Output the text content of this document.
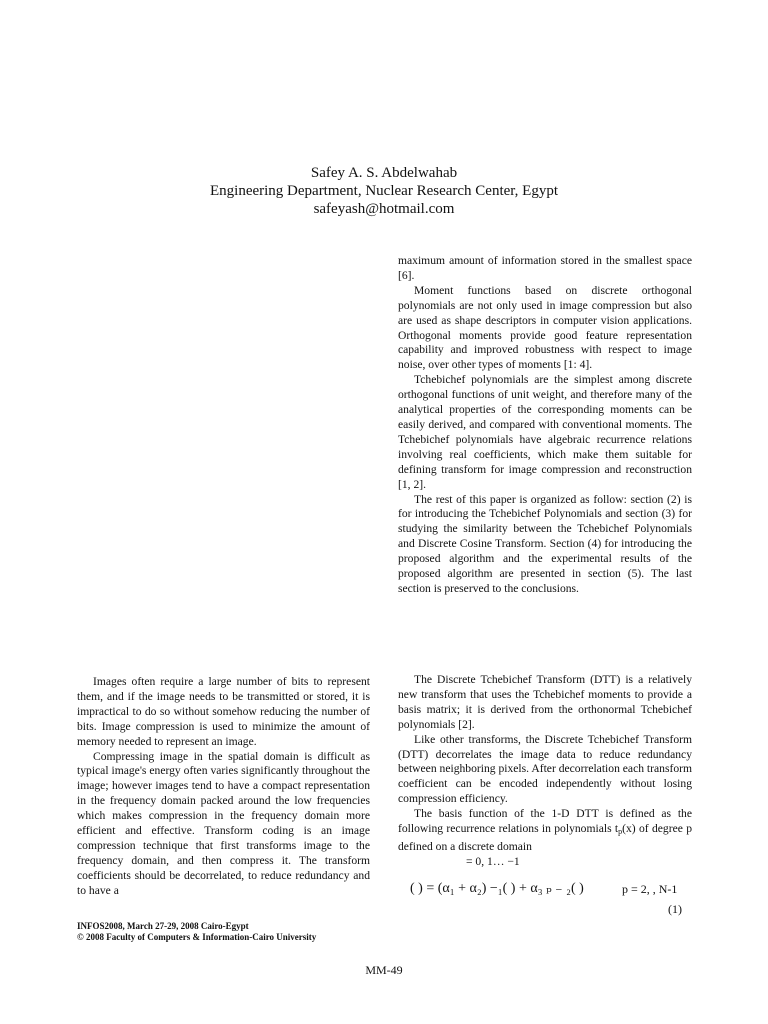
Safey A. S. Abdelwahab
Engineering Department, Nuclear Research Center, Egypt
safeyash@hotmail.com

maximum amount of information stored in the smallest space [6].

Moment functions based on discrete orthogonal polynomials are not only used in image compression but also are used as shape descriptors in computer vision applications. Orthogonal moments provide good feature representation capability and improved robustness with respect to image noise, over other types of moments [1: 4].

Tchebichef polynomials are the simplest among discrete orthogonal functions of unit weight, and therefore many of the analytical properties of the corresponding moments can be easily derived, and compared with conventional moments. The Tchebichef polynomials have algebraic recurrence relations involving real coefficients, which make them suitable for defining transform for image compression and reconstruction [1, 2].

The rest of this paper is organized as follow: section (2) is for introducing the Tchebichef Polynomials and section (3) for studying the similarity between the Tchebichef Polynomials and Discrete Cosine Transform. Section (4) for introducing the proposed algorithm and the experimental results of the proposed algorithm are presented in section (5). The last section is preserved to the conclusions.

Images often require a large number of bits to represent them, and if the image needs to be transmitted or stored, it is impractical to do so without somehow reducing the number of bits. Image compression is used to minimize the amount of memory needed to represent an image.

Compressing image in the spatial domain is difficult as typical image's energy often varies significantly throughout the image; however images tend to have a compact representation in the frequency domain packed around the low frequencies which makes compression in the frequency domain more efficient and effective. Transform coding is an image compression technique that first transforms image to the frequency domain, and then compress it. The transform coefficients should be decorrelated, to reduce redundancy and to have a

The Discrete Tchebichef Transform (DTT) is a relatively new transform that uses the Tchebichef moments to provide a basis matrix; it is derived from the orthonormal Tchebichef polynomials [2].

Like other transforms, the Discrete Tchebichef Transform (DTT) decorrelates the image data to reduce redundancy between neighboring pixels. After decorrelation each transform coefficient can be encoded independently without losing compression efficiency.

The basis function of the 1-D DTT is defined as the following recurrence relations in polynomials $t_p(x)$ of degree p defined on a discrete domain

= 0, 1… −1

( ) = (α₁ + α₂) −₁( ) + α₃ ₚ ₋ ₂( )	p = 2, , N-1
(1)
INFOS2008, March 27-29, 2008 Cairo-Egypt
© 2008 Faculty of Computers & Information-Cairo University
MM-49
